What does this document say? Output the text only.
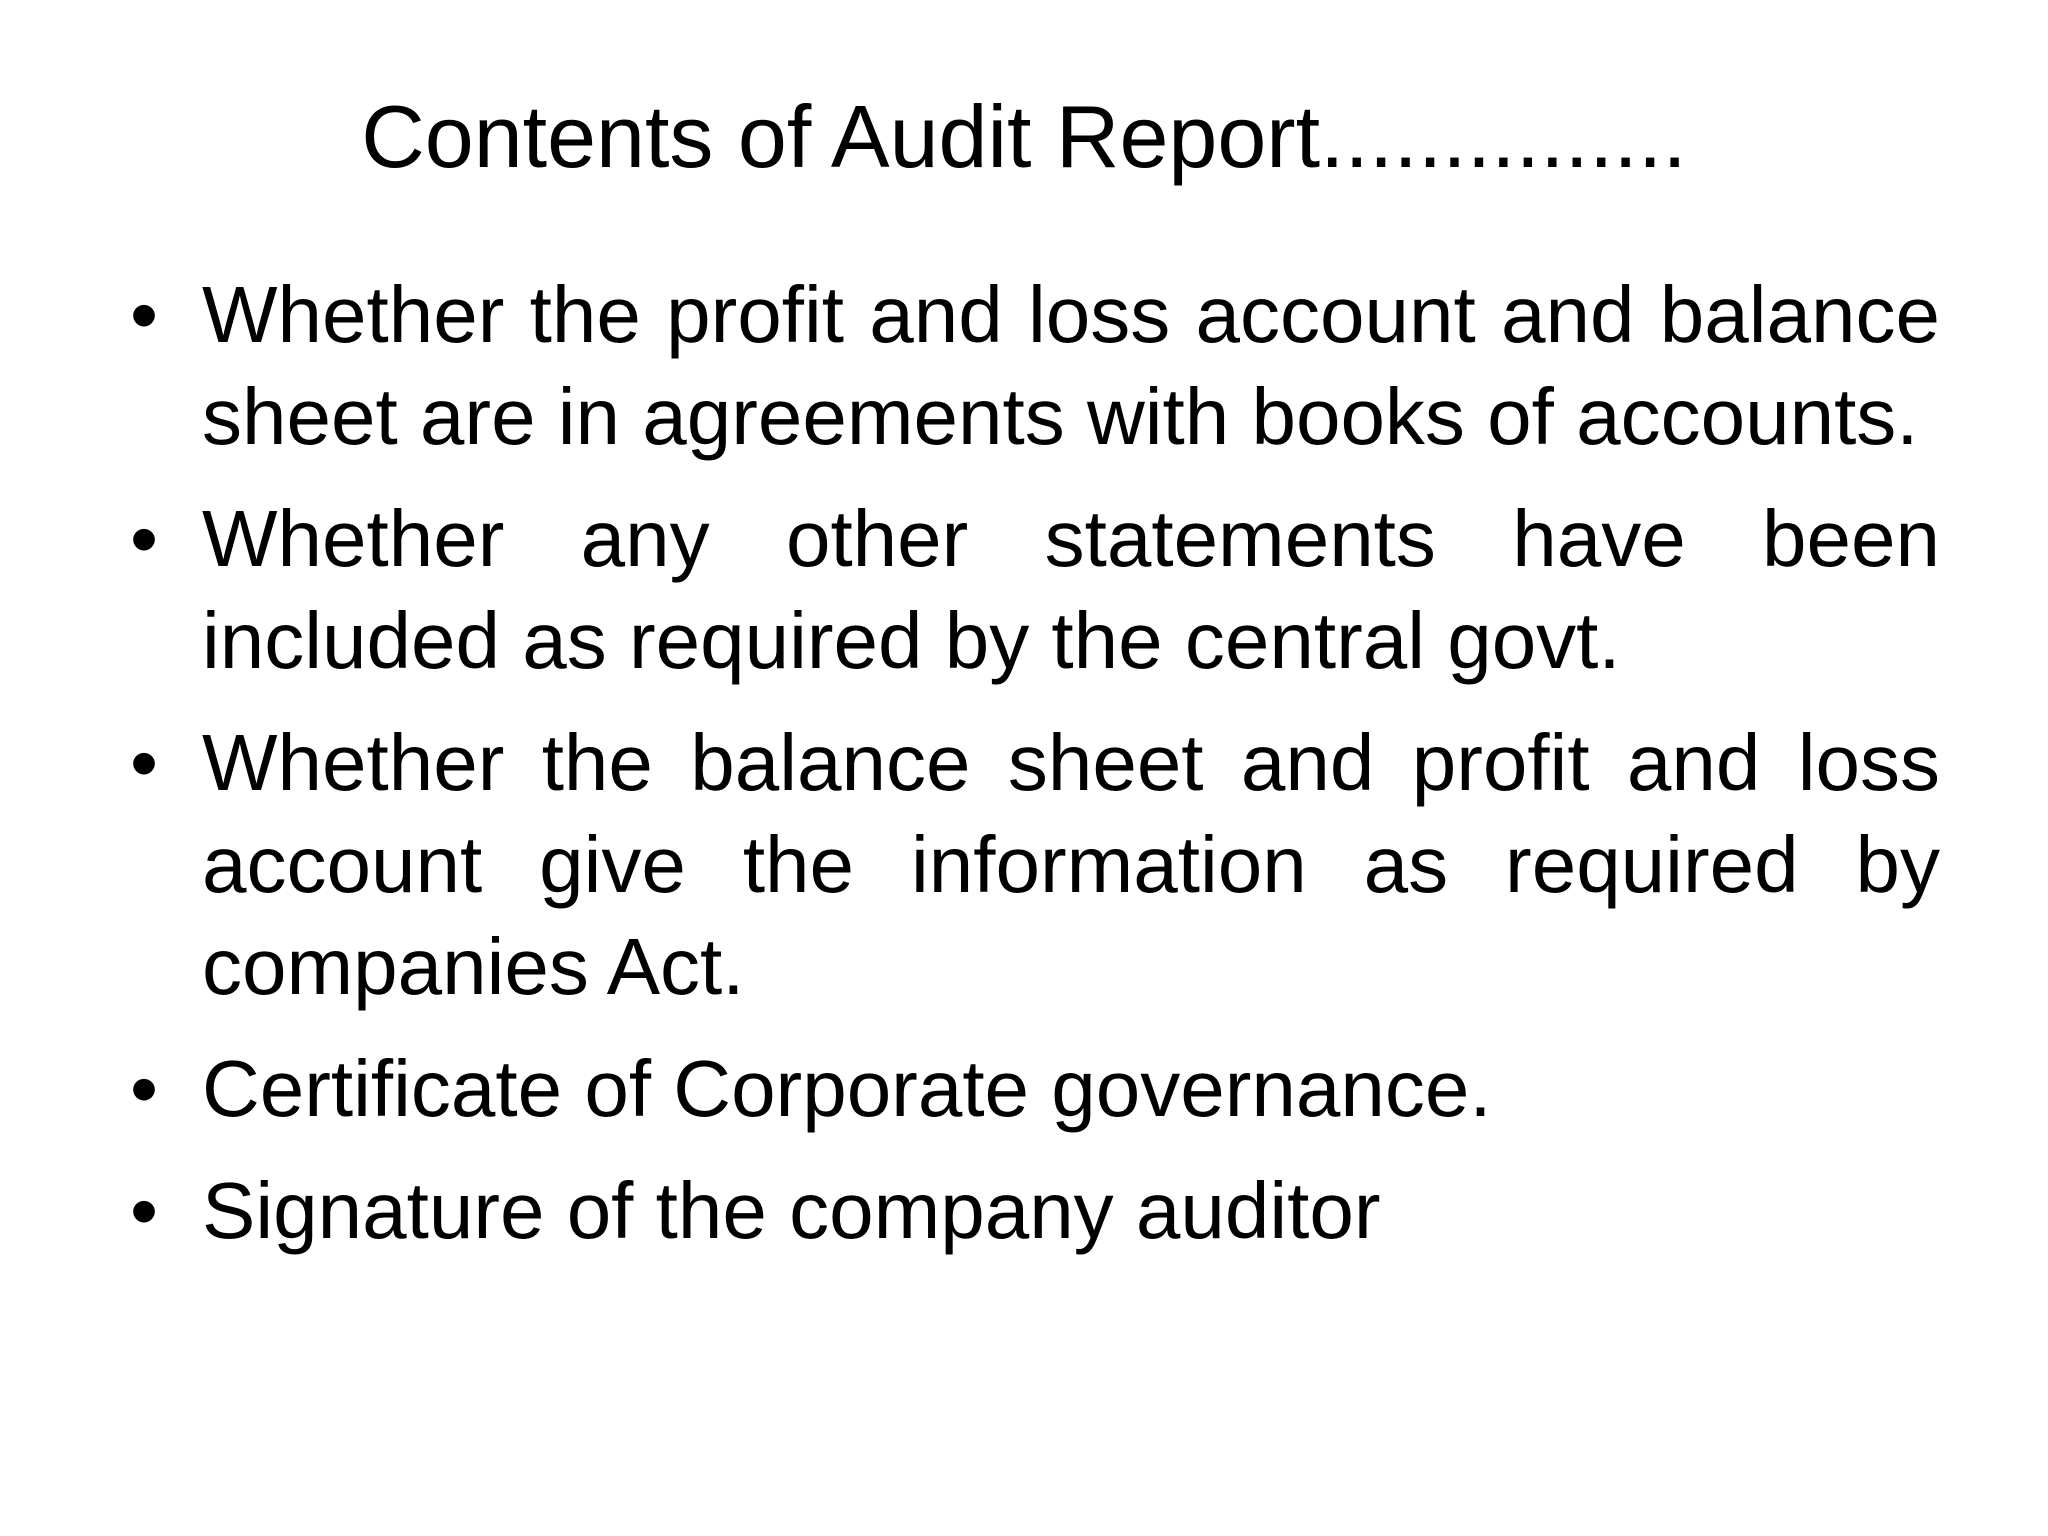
Contents of Audit Report...............
• Whether the profit and loss account and balance sheet are in agreements with books of accounts.
• Whether any other statements have been included as required by the central govt.
• Whether the balance sheet and profit and loss account give the information as required by companies Act.
• Certificate of Corporate governance.
• Signature of the company auditor
